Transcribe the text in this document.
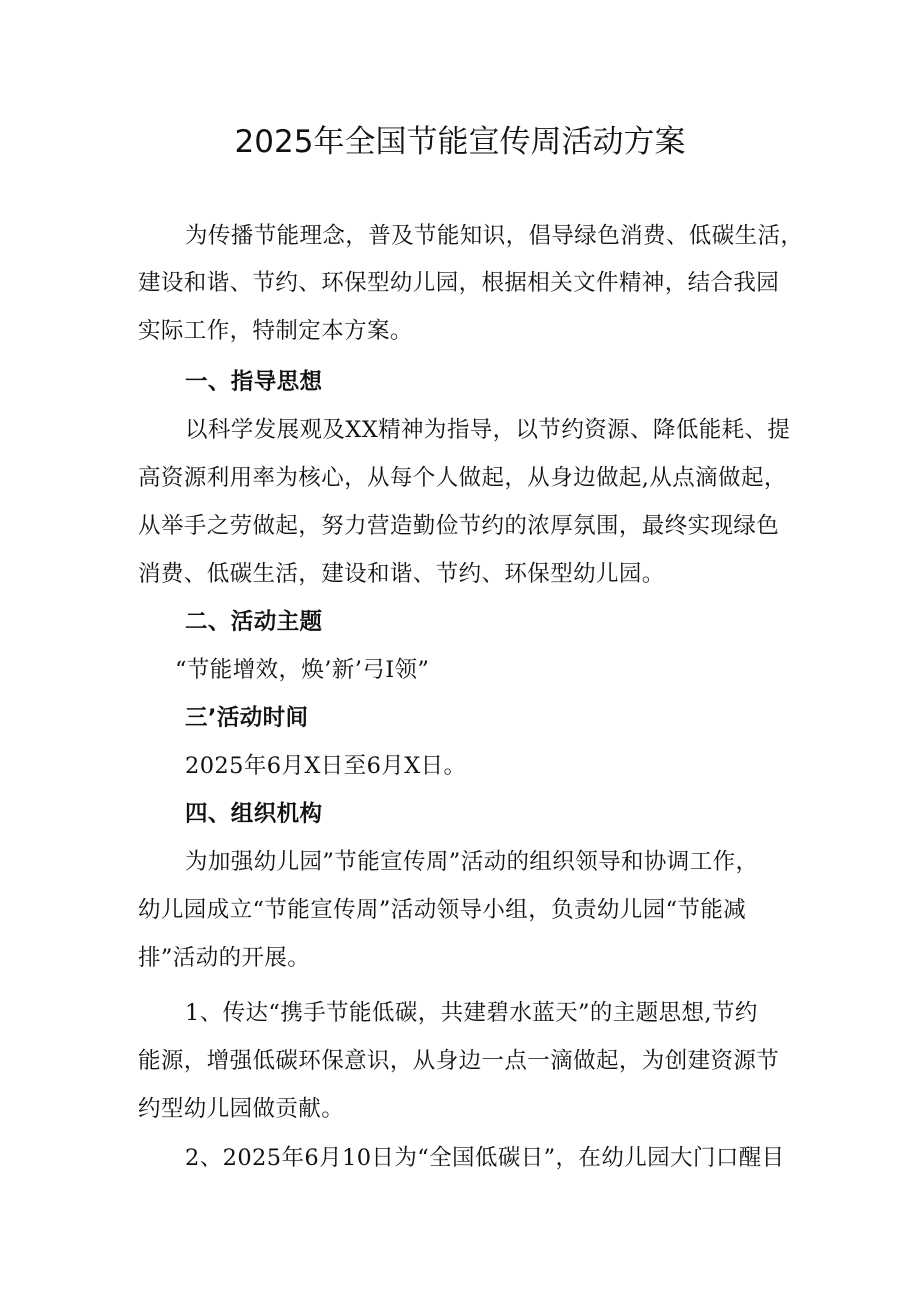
2025年全国节能宣传周活动方案
为传播节能理念，普及节能知识，倡导绿色消费、低碳生活，
建设和谐、节约、环保型幼儿园，根据相关文件精神，结合我园
实际工作，特制定本方案。
一、指导思想
以科学发展观及XX精神为指导，以节约资源、降低能耗、提
高资源利用率为核心，从每个人做起，从身边做起,从点滴做起，
从举手之劳做起，努力营造勤俭节约的浓厚氛围，最终实现绿色
消费、低碳生活，建设和谐、节约、环保型幼儿园。
二、活动主题
“节能增效，焕’新’弓I领”
三’活动时间
2025年6月X日至6月X日。
四、组织机构
为加强幼儿园”节能宣传周”活动的组织领导和协调工作，
幼儿园成立“节能宣传周”活动领导小组，负责幼儿园“节能减
排”活动的开展。
1、传达“携手节能低碳，共建碧水蓝天”的主题思想,节约
能源，增强低碳环保意识，从身边一点一滴做起，为创建资源节
约型幼儿园做贡献。
2、2025年6月10日为“全国低碳日”，在幼儿园大门口醒目
